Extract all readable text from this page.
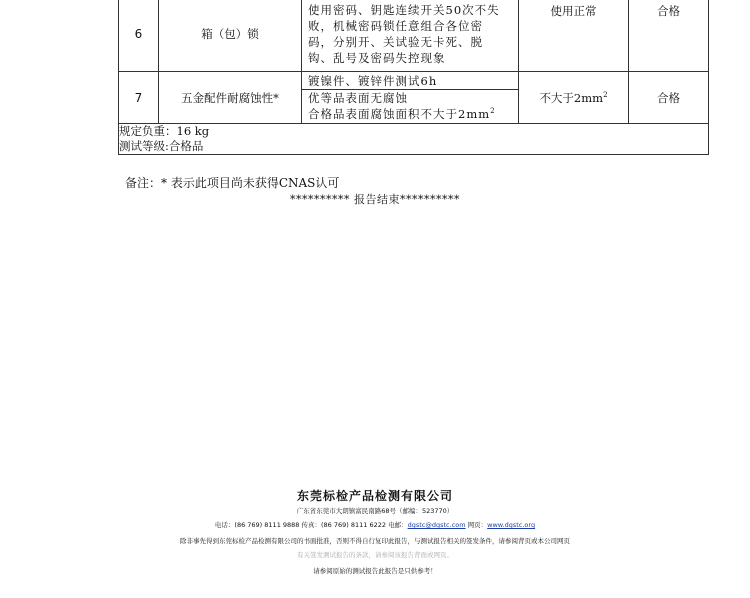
6	箱（包）锁	使用密码、钥匙连续开关50次不失
败，机械密码锁任意组合各位密
码，分别开、关试验无卡死、脱
钩、乱号及密码失控现象	使用正常	合格
7	五金配件耐腐蚀性*	镀镍件、镀锌件测试6h
优等品表面无腐蚀
合格品表面腐蚀面积不大于$2mm^2$	不大于$2mm^2$	合格

规定负重：16 kg
测试等级:合格品				
备注：* 表示此项目尚未获得CNAS认可
********** 报告结束**********
东莞标检产品检测有限公司
广东省东莞市大朗镇富民南路68号（邮编：523770）
电话：(86 769) 8111 9888 传真：(86 769) 8111 6222 电邮：dgstc@dgstc.com 网页：www.dgstc.org
除非事先得到东莞标检产品检测有限公司的书面批准，否则不得自行复印此报告，与测试报告相关的签发条件，请参阅背页或本公司网页
有关签发测试报告的条款，请参阅该报告背面或网页。
请参阅原始的测试报告此报告是只供参考！
